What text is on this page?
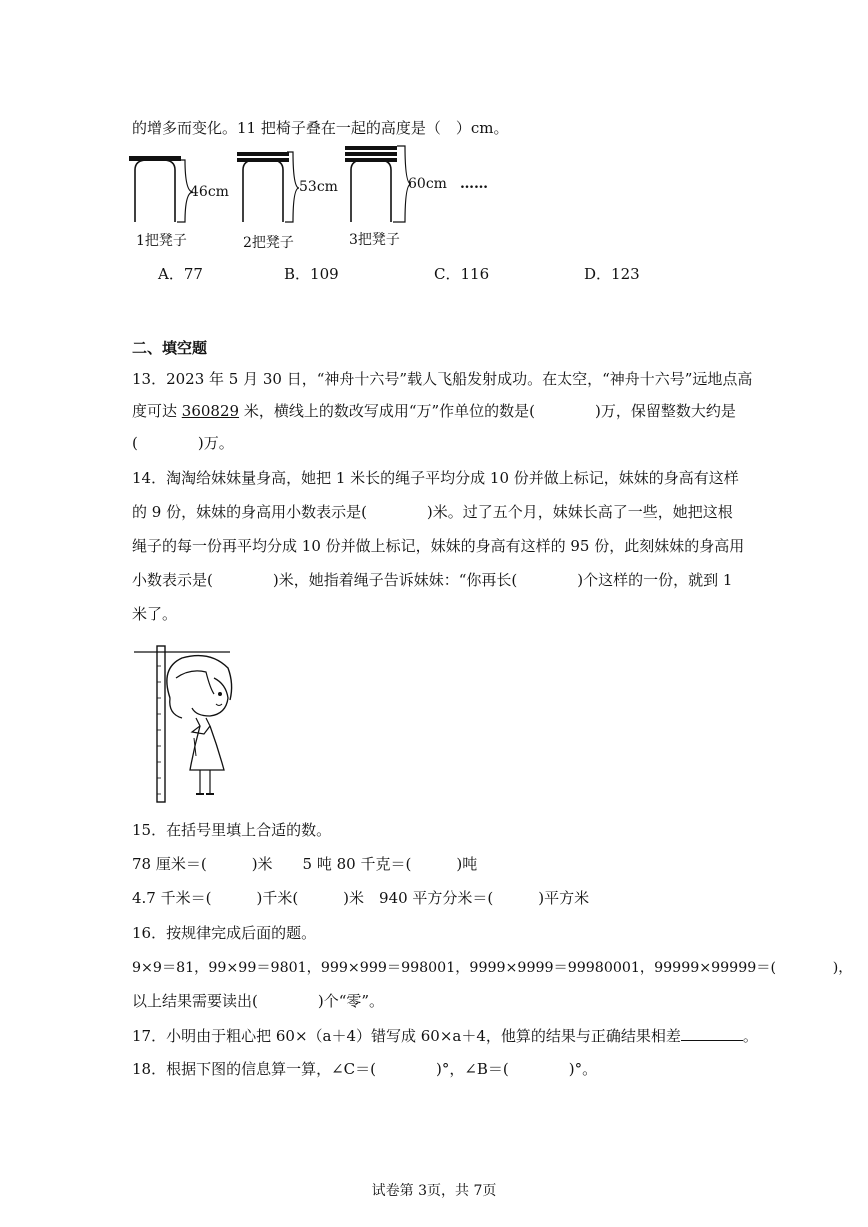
的增多而变化。11 把椅子叠在一起的高度是（　）cm。
46cm	53cm	60cm ……
1把凳子	2把凳子	3把凳子
A．77	B．109	C．116	D．123
二、填空题
13．2023 年 5 月 30 日，“神舟十六号”载人飞船发射成功。在太空，“神舟十六号”远地点高
度可达 360829 米，横线上的数改写成用“万”作单位的数是(　　　　)万，保留整数大约是
(　　　　)万。
14．淘淘给妹妹量身高，她把 1 米长的绳子平均分成 10 份并做上标记，妹妹的身高有这样
的 9 份，妹妹的身高用小数表示是(　　　　)米。过了五个月，妹妹长高了一些，她把这根
绳子的每一份再平均分成 10 份并做上标记，妹妹的身高有这样的 95 份，此刻妹妹的身高用
小数表示是(　　　　)米，她指着绳子告诉妹妹：“你再长(　　　　)个这样的一份，就到 1
米了。
15．在括号里填上合适的数。
78 厘米＝(　　　)米　　5 吨 80 千克＝(　　　)吨
4.7 千米＝(　　　)千米(　　　)米　940 平方分米＝(　　　)平方米
16．按规律完成后面的题。
9×9＝81，99×99＝9801，999×999＝998001，9999×9999＝99980001，99999×99999＝(　　　　)，
以上结果需要读出(　　　　)个“零”。
17．小明由于粗心把 60×（a＋4）错写成 60×a＋4，他算的结果与正确结果相差	。
18．根据下图的信息算一算，∠C＝(　　　　)°，∠B＝(　　　　)°。
试卷第 3页，共 7页
